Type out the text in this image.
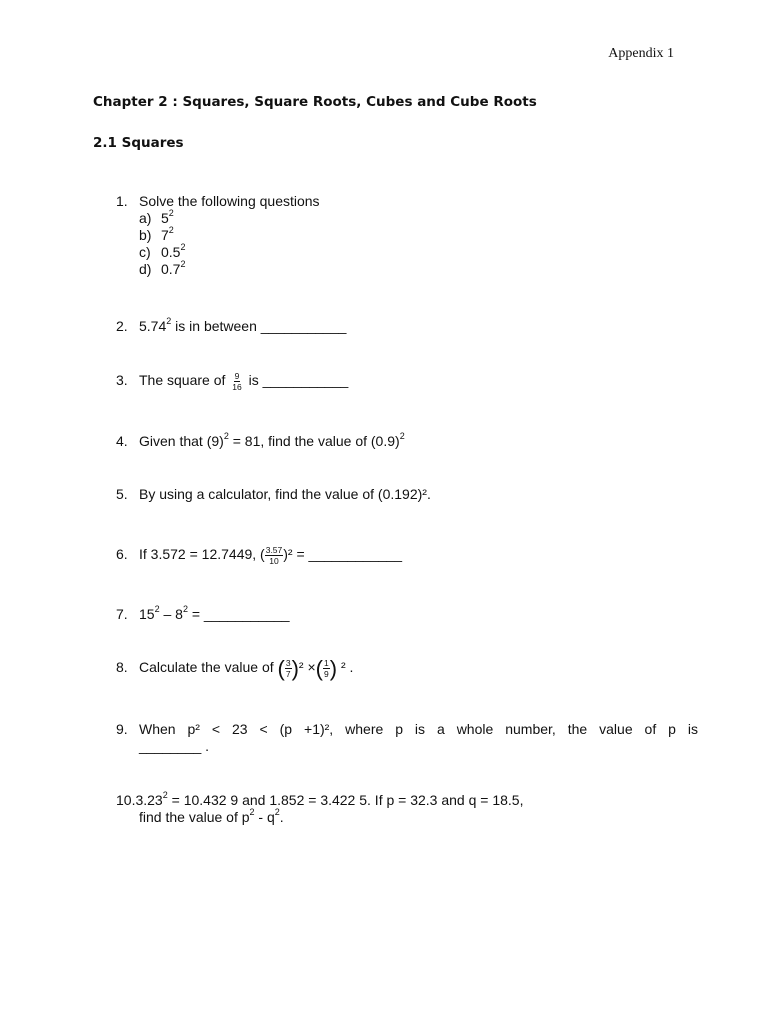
Appendix 1
Chapter 2 : Squares, Square Roots, Cubes and Cube Roots
2.1 Squares
1. Solve the following questions
a) $5^2$
b) $7^2$
c) $0.5^2$
d) $0.7^2$
2. 5.74$^2$ is in between ___________
3. The square of $\frac{9}{16}$ is ___________
4. Given that $(9)^2 = 81$, find the value of $(0.9)^2$
5. By using a calculator, find the value of (0.192)².
6. If 3.572 = 12.7449, ( $\frac{3.57}{10} )^2$ = ____________
7. $15^2 - 8^2$ = ___________
8. Calculate the value of ( $\frac{3}{7} )^2$ ×( $\frac{1}{9}$ ) ² .
9. When p² < 23 < (p +1)², where p is a whole number, the value of p is
________ .
$10.3.23^2 = 10.432$ 9 and 1.852 = 3.422 5. If p = 32.3 and q = 18.5,
find the value of $p^2 - q^2$.
